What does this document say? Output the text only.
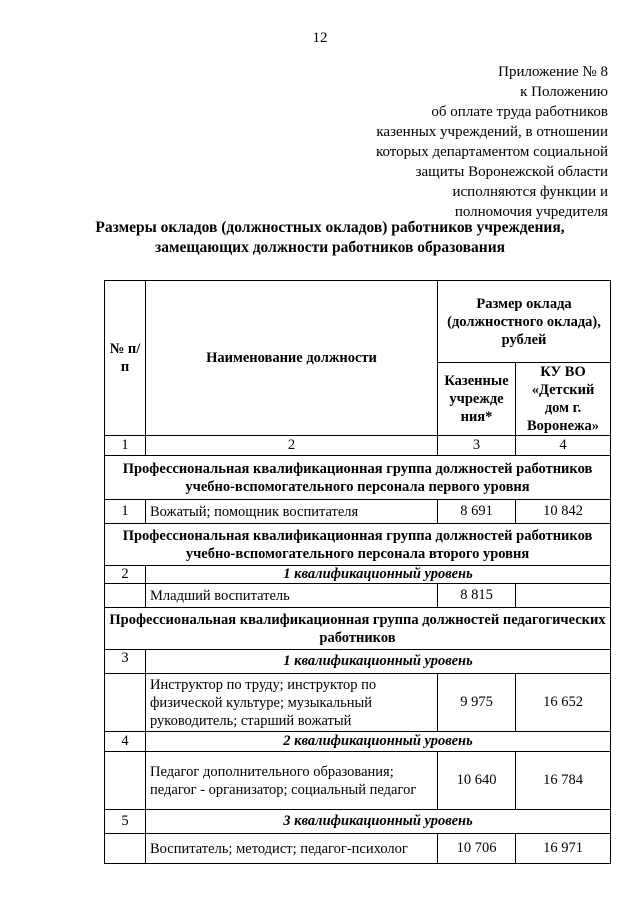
12
Приложение № 8
к Положению
об оплате труда работников
казенных учреждений, в отношении
которых департаментом социальной
защиты Воронежской области
исполняются функции и
полномочия учредителя
Размеры окладов (должностных окладов) работников учреждения,
замещающих должности работников образования
№ п/п	Наименование должности	Размер оклада (должностного оклада), рублей	
		Казенные учрежде ния*	КУ ВО «Детский дом г. Воронежа»
1	2	3	4
Профессиональная квалификационная группа должностей работников учебно-вспомогательного персонала первого уровня			
1	Вожатый; помощник воспитателя	8 691	10 842
Профессиональная квалификационная группа должностей работников учебно-вспомогательного персонала второго уровня			
2	1 квалификационный уровень		
	Младший воспитатель	8 815	
Профессиональная квалификационная группа должностей педагогических работников			
3	1 квалификационный уровень		
	Инструктор по труду; инструктор по физической культуре; музыкальный руководитель; старший вожатый	9 975	16 652
4	2 квалификационный уровень		
	Педагог дополнительного образования; педагог - организатор; социальный педагог	10 640	16 784
5	3 квалификационный уровень		
	Воспитатель; методист; педагог-психолог	10 706	16 971
